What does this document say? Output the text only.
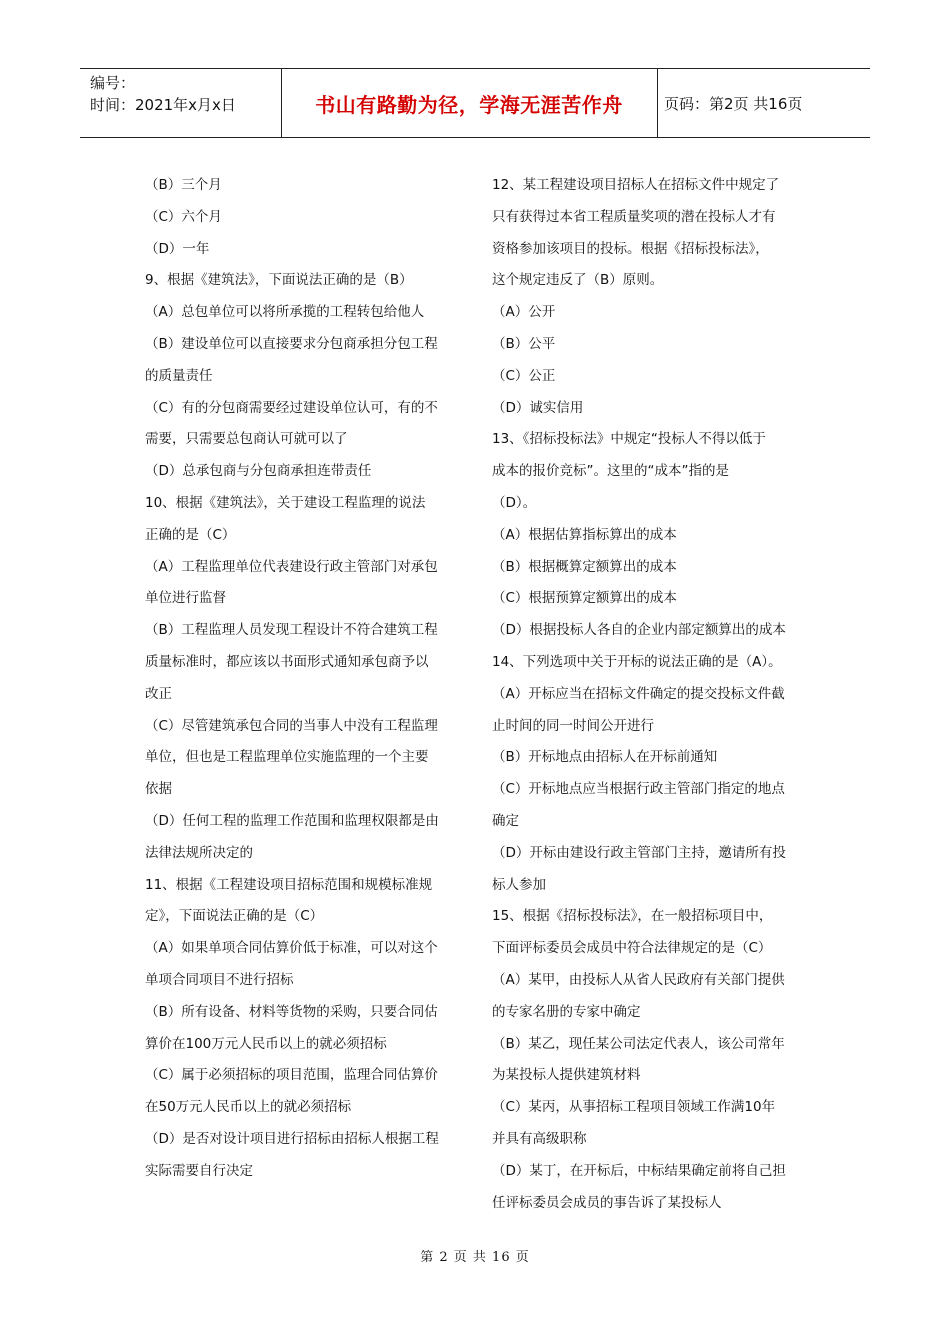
编号：
时间：2021年x月x日	书山有路勤为径，学海无涯苦作舟	页码：第2页 共16页
（B）三个月
（C）六个月
（D）一年
9、根据《建筑法》，下面说法正确的是（B）
（A）总包单位可以将所承揽的工程转包给他人
（B）建设单位可以直接要求分包商承担分包工程
的质量责任
（C）有的分包商需要经过建设单位认可，有的不
需要，只需要总包商认可就可以了
（D）总承包商与分包商承担连带责任
10、根据《建筑法》，关于建设工程监理的说法
正确的是（C）
（A）工程监理单位代表建设行政主管部门对承包
单位进行监督
（B）工程监理人员发现工程设计不符合建筑工程
质量标准时，都应该以书面形式通知承包商予以
改正
（C）尽管建筑承包合同的当事人中没有工程监理
单位，但也是工程监理单位实施监理的一个主要
依据
（D）任何工程的监理工作范围和监理权限都是由
法律法规所决定的
11、根据《工程建设项目招标范围和规模标准规
定》，下面说法正确的是（C）
（A）如果单项合同估算价低于标准，可以对这个
单项合同项目不进行招标
（B）所有设备、材料等货物的采购，只要合同估
算价在100万元人民币以上的就必须招标
（C）属于必须招标的项目范围，监理合同估算价
在50万元人民币以上的就必须招标
（D）是否对设计项目进行招标由招标人根据工程
实际需要自行决定
12、某工程建设项目招标人在招标文件中规定了
只有获得过本省工程质量奖项的潜在投标人才有
资格参加该项目的投标。根据《招标投标法》，
这个规定违反了（B）原则。
（A）公开
（B）公平
（C）公正
（D）诚实信用
13、《招标投标法》中规定“投标人不得以低于
成本的报价竞标”。这里的“成本”指的是
（D）。
（A）根据估算指标算出的成本
（B）根据概算定额算出的成本
（C）根据预算定额算出的成本
（D）根据投标人各自的企业内部定额算出的成本
14、下列选项中关于开标的说法正确的是（A）。
（A）开标应当在招标文件确定的提交投标文件截
止时间的同一时间公开进行
（B）开标地点由招标人在开标前通知
（C）开标地点应当根据行政主管部门指定的地点
确定
（D）开标由建设行政主管部门主持，邀请所有投
标人参加
15、根据《招标投标法》，在一般招标项目中，
下面评标委员会成员中符合法律规定的是（C）
（A）某甲，由投标人从省人民政府有关部门提供
的专家名册的专家中确定
（B）某乙，现任某公司法定代表人，该公司常年
为某投标人提供建筑材料
（C）某丙，从事招标工程项目领域工作满10年
并具有高级职称
（D）某丁，在开标后，中标结果确定前将自己担
任评标委员会成员的事告诉了某投标人
第 2 页 共 16 页
